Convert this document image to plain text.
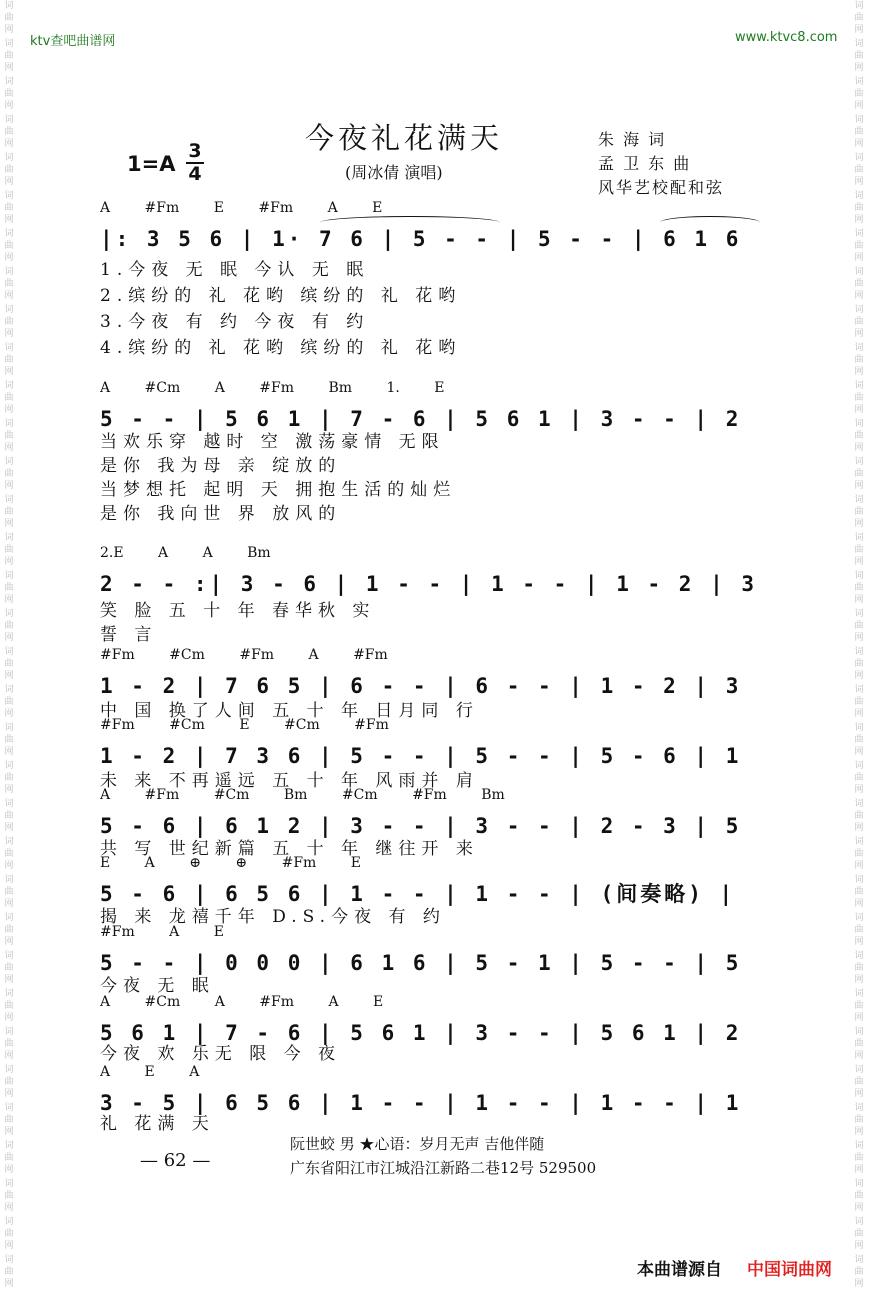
ktv查吧曲谱网	www.ktvc8.com
词曲网
词曲网
词曲网
词曲网
词曲网
词曲网
词曲网
词曲网
词曲网
词曲网
词曲网
词曲网
词曲网
词曲网
词曲网
词曲网
词曲网
词曲网
词曲网
词曲网
词曲网
词曲网
词曲网
词曲网
词曲网
词曲网
词曲网
词曲网
词曲网
词曲网
词曲网
词曲网
词曲网
词曲网
词曲网
词曲网
词曲网
词曲网
词曲网
词曲网
词曲网
词曲网
词曲网
词曲网
词曲网
词曲网
词曲网
词曲网
词曲网
词曲网
词曲网
词曲网
词曲网
词曲网
词曲网
词曲网
词曲网
词曲网
词曲网
词曲网
词曲网
词曲网
词曲网
词曲网
词曲网
词曲网
词曲网
词曲网
今夜礼花满天
(周冰倩 演唱)
朱 海 词
孟 卫 东 曲
风华艺校配和弦
1=A
3
4
A #Fm E #Fm A E
|: 3 5 6 | 1· 7 6 | 5 - - | 5 - - | 6 1 6
1.今夜 无 眠 今认 无 眠
2.缤纷的 礼 花哟 缤纷的 礼 花哟
3.今夜 有 约 今夜 有 约
4.缤纷的 礼 花哟 缤纷的 礼 花哟
A #Cm A #Fm Bm 1. E
5 - - | 5 6 1 | 7 - 6 | 5 6 1 | 3 - - | 2
当欢乐穿 越时 空 激荡豪情 无限
是你 我为母 亲 绽放的
当梦想托 起明 天 拥抱生活的灿烂
是你 我向世 界 放风的
2.E A A Bm
2 - - :| 3 - 6 | 1 - - | 1 - - | 1 - 2 | 3
笑 脸 五 十 年 春华秋 实
誓 言
#Fm #Cm #Fm A #Fm
1 - 2 | 7 6 5 | 6 - - | 6 - - | 1 - 2 | 3
中 国 换了人间 五 十 年 日月同 行
#Fm #Cm E #Cm #Fm
1 - 2 | 7 3 6 | 5 - - | 5 - - | 5 - 6 | 1
未 来 不再遥远 五 十 年 风雨并 肩
A #Fm #Cm Bm #Cm #Fm Bm
5 - 6 | 6 1 2 | 3 - - | 3 - - | 2 - 3 | 5
共 写 世纪新篇 五 十 年 继往开 来
E A ⊕ ⊕ #Fm E
5 - 6 | 6 5 6 | 1 - - | 1 - - | (间奏略) |
揭 来 龙禧千年 D.S.今夜 有 约
#Fm A E
5 - - | 0 0 0 | 6 1 6 | 5 - 1 | 5 - - | 5
今夜 无 眠
A #Cm A #Fm A E
5 6 1 | 7 - 6 | 5 6 1 | 3 - - | 5 6 1 | 2
今夜 欢 乐无 限 今 夜
A E A
3 - 5 | 6 5 6 | 1 - - | 1 - - | 1 - - | 1
礼 花满 天
— 62 —
阮世蛟 男 ★心语：岁月无声 吉他伴随
广东省阳江市江城沿江新路二巷12号 529500
本曲谱源自 中国词曲网
